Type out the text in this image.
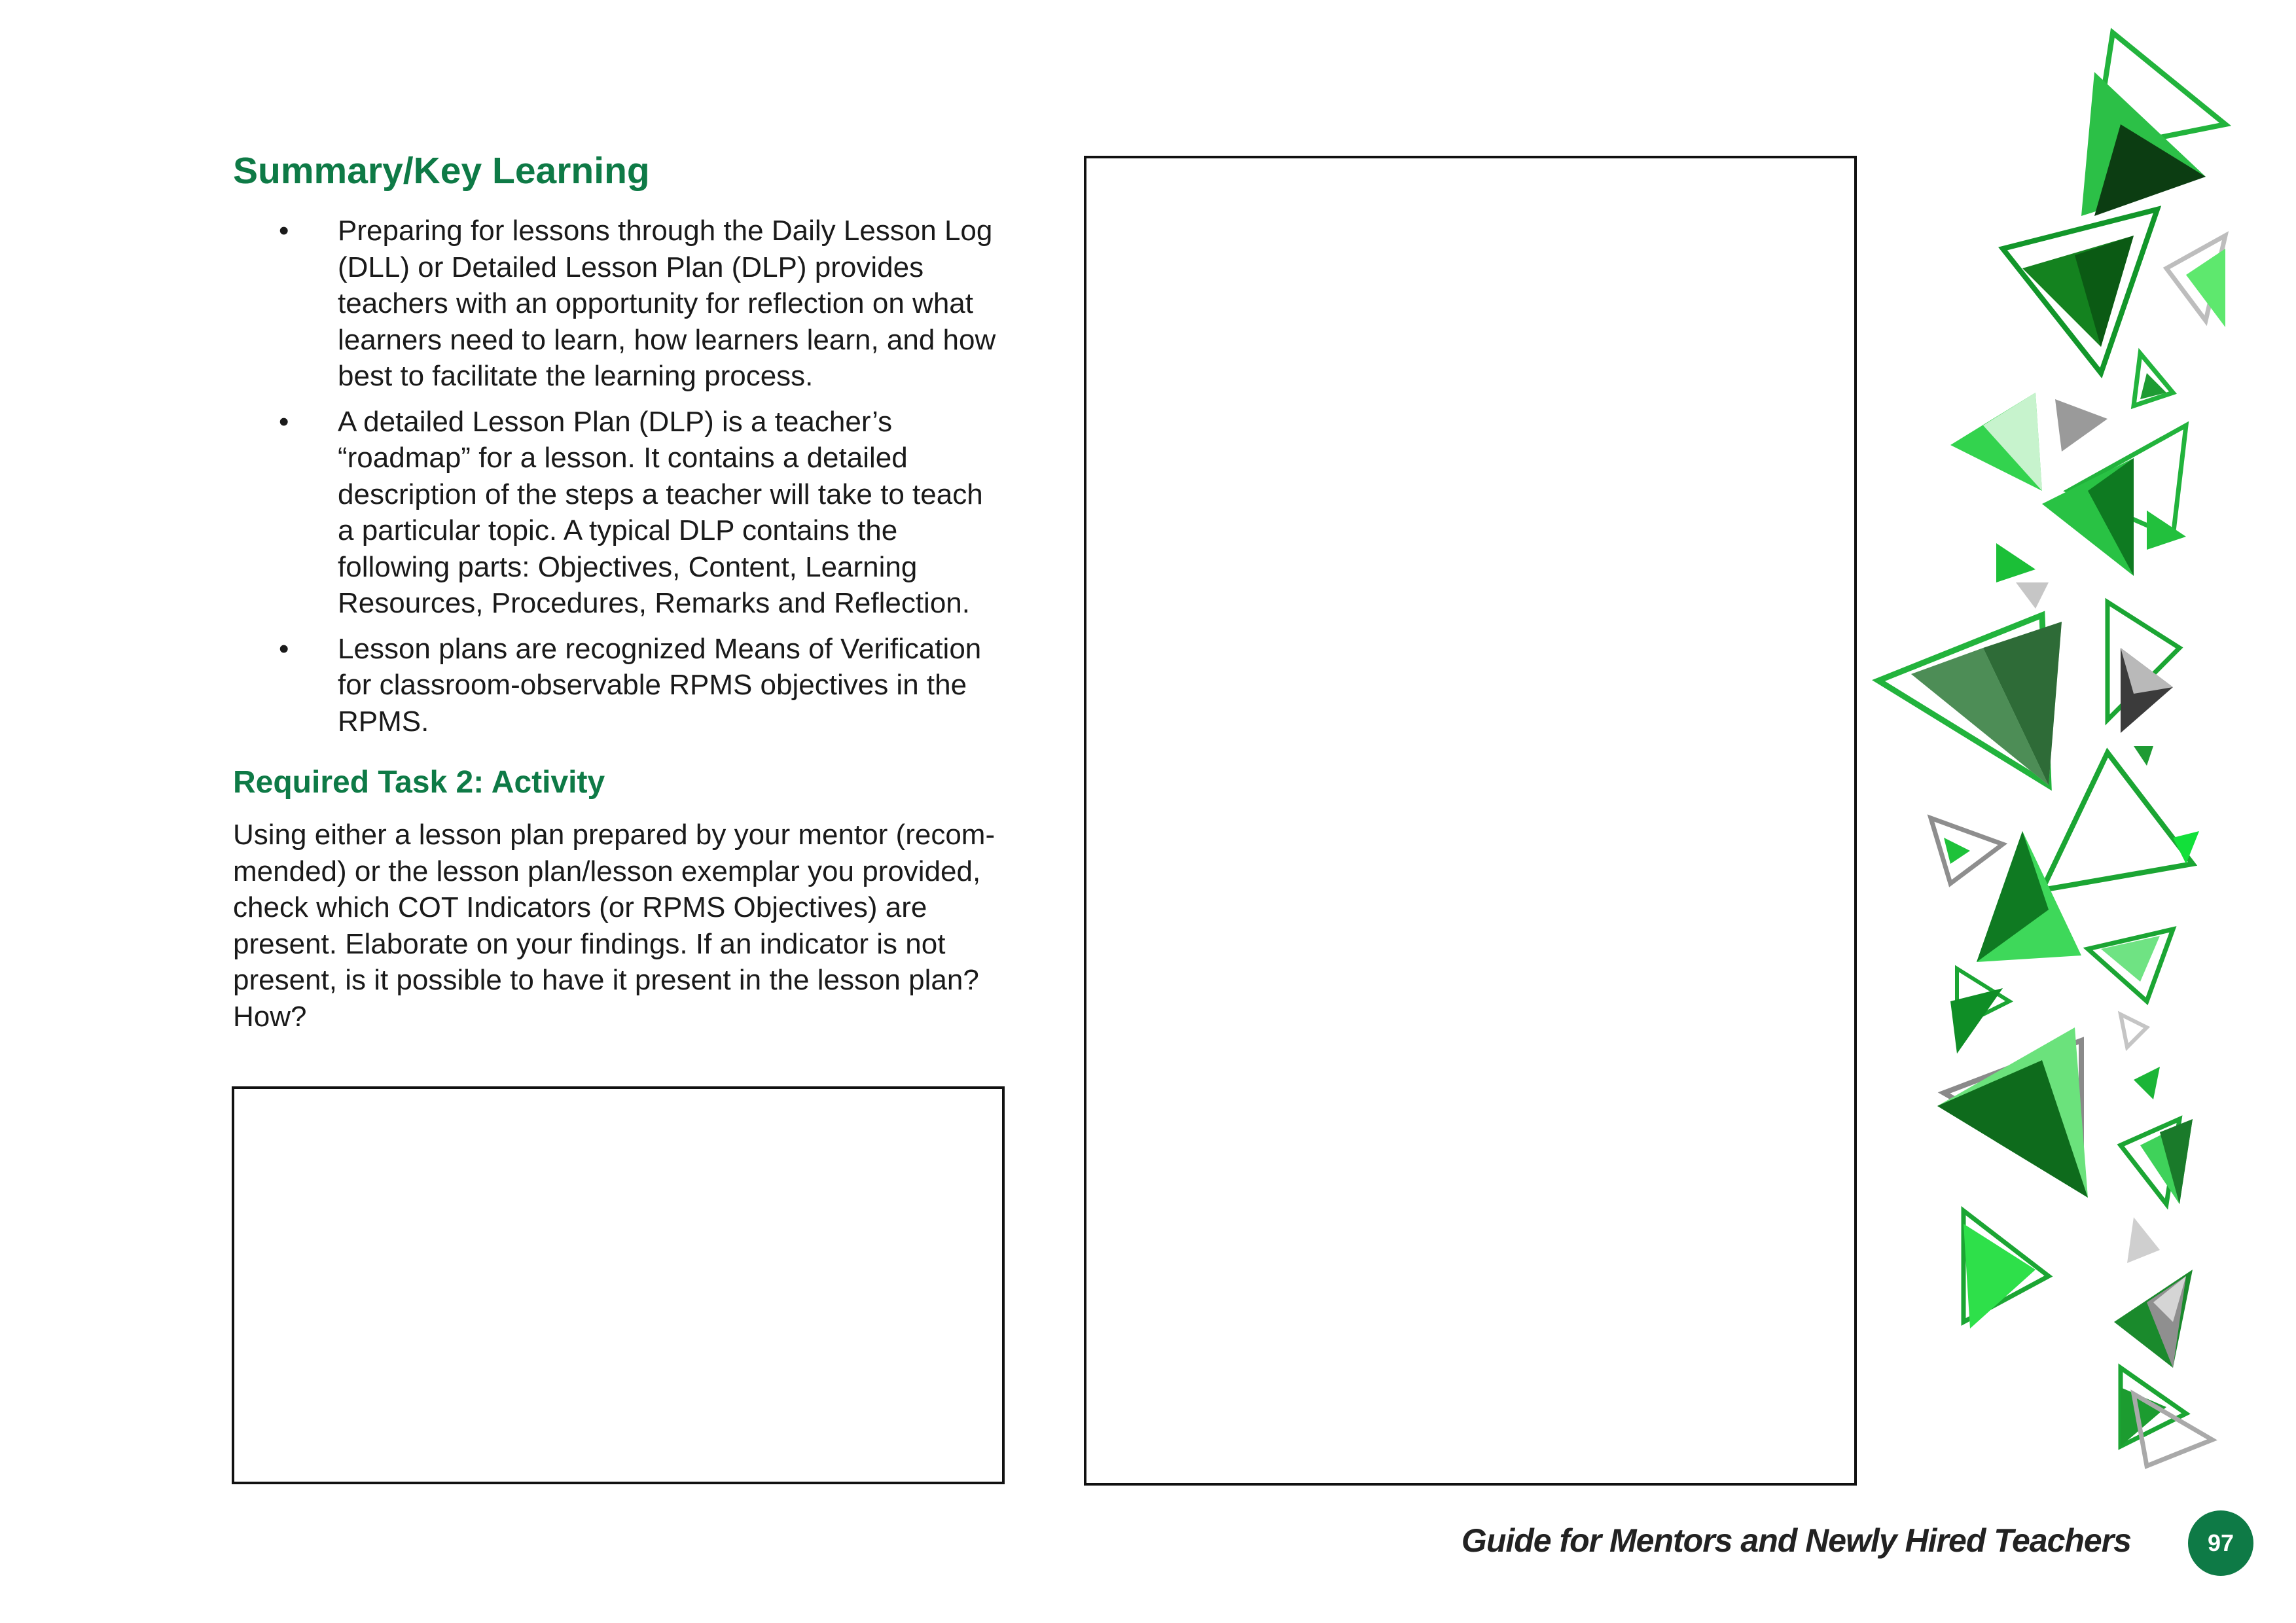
Summary/Key Learning
• Preparing for lessons through the Daily Lesson Log (DLL) or Detailed Lesson Plan (DLP) provides teachers with an opportunity for reflection on what learners need to learn, how learners learn, and how best to facilitate the learning process.
• A detailed Lesson Plan (DLP) is a teacher’s “roadmap” for a lesson. It contains a detailed description of the steps a teacher will take to teach a particular topic. A typical DLP contains the following parts: Objectives, Content, Learning Resources, Procedures, Remarks and Reflection.
• Lesson plans are recognized Means of Verification for classroom-observable RPMS objectives in the RPMS.
Required Task 2: Activity

Using either a lesson plan prepared by your mentor (recom-mended) or the lesson plan/lesson exemplar you provided, check which COT Indicators (or RPMS Objectives) are present. Elaborate on your findings. If an indicator is not present, is it possible to have it present in the lesson plan? How?

Guide for Mentors and Newly Hired Teachers	97
